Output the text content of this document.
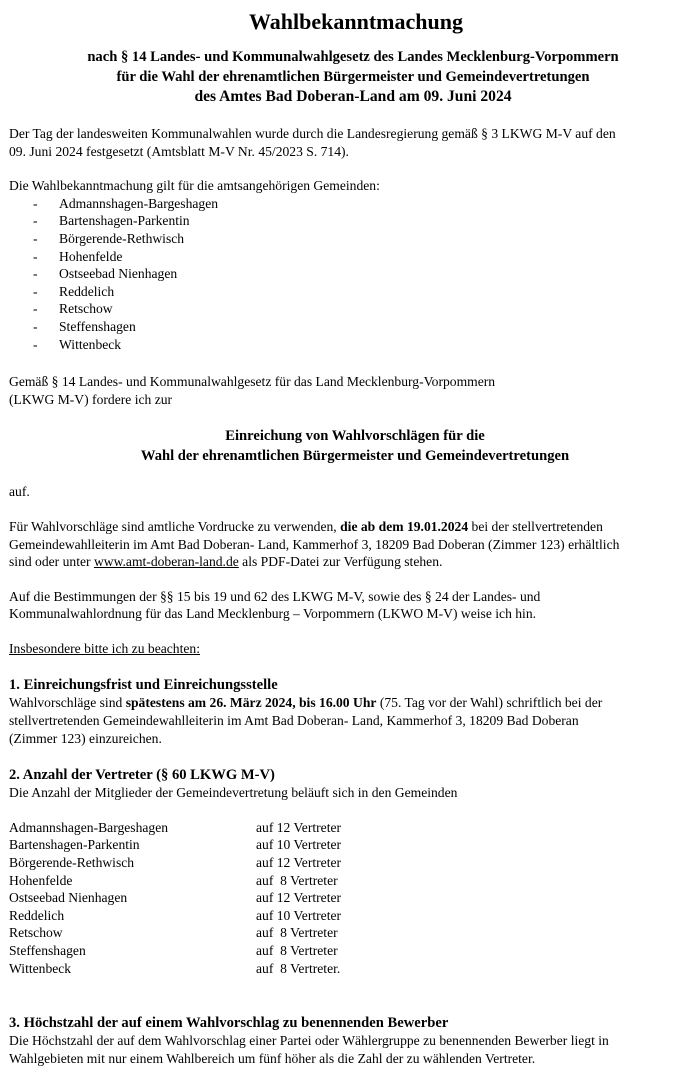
Wahlbekanntmachung
nach § 14 Landes- und Kommunalwahlgesetz des Landes Mecklenburg-Vorpommern
für die Wahl der ehrenamtlichen Bürgermeister und Gemeindevertretungen
des Amtes Bad Doberan-Land am 09. Juni 2024
Der Tag der landesweiten Kommunalwahlen wurde durch die Landesregierung gemäß § 3 LKWG M-V auf den
09. Juni 2024 festgesetzt (Amtsblatt M-V Nr. 45/2023 S. 714).
Die Wahlbekanntmachung gilt für die amtsangehörigen Gemeinden:
-	Admannshagen-Bargeshagen
-	Bartenshagen-Parkentin
-	Börgerende-Rethwisch
-	Hohenfelde
-	Ostseebad Nienhagen
-	Reddelich
-	Retschow
-	Steffenshagen
-	Wittenbeck
Gemäß § 14 Landes- und Kommunalwahlgesetz für das Land Mecklenburg-Vorpommern
(LKWG M-V) fordere ich zur
Einreichung von Wahlvorschlägen für die
Wahl der ehrenamtlichen Bürgermeister und Gemeindevertretungen
auf.
Für Wahlvorschläge sind amtliche Vordrucke zu verwenden, die ab dem 19.01.2024 bei der stellvertretenden
Gemeindewahlleiterin im Amt Bad Doberan- Land, Kammerhof 3, 18209 Bad Doberan (Zimmer 123) erhältlich
sind oder unter www.amt-doberan-land.de als PDF-Datei zur Verfügung stehen.
Auf die Bestimmungen der §§ 15 bis 19 und 62 des LKWG M-V, sowie des § 24 der Landes- und
Kommunalwahlordnung für das Land Mecklenburg – Vorpommern (LKWO M-V) weise ich hin.
Insbesondere bitte ich zu beachten:
1. Einreichungsfrist und Einreichungsstelle
Wahlvorschläge sind spätestens am 26. März 2024, bis 16.00 Uhr (75. Tag vor der Wahl) schriftlich bei der
stellvertretenden Gemeindewahlleiterin im Amt Bad Doberan- Land, Kammerhof 3, 18209 Bad Doberan
(Zimmer 123) einzureichen.
2. Anzahl der Vertreter (§ 60 LKWG M-V)
Die Anzahl der Mitglieder der Gemeindevertretung beläuft sich in den Gemeinden
Admannshagen-Bargeshagen	auf 12 Vertreter
Bartenshagen-Parkentin	auf 10 Vertreter
Börgerende-Rethwisch	auf 12 Vertreter
Hohenfelde	auf  8 Vertreter
Ostseebad Nienhagen	auf 12 Vertreter
Reddelich	auf 10 Vertreter
Retschow	auf  8 Vertreter
Steffenshagen	auf  8 Vertreter
Wittenbeck	auf  8 Vertreter.
3. Höchstzahl der auf einem Wahlvorschlag zu benennenden Bewerber
Die Höchstzahl der auf dem Wahlvorschlag einer Partei oder Wählergruppe zu benennenden Bewerber liegt in
Wahlgebieten mit nur einem Wahlbereich um fünf höher als die Zahl der zu wählenden Vertreter.
